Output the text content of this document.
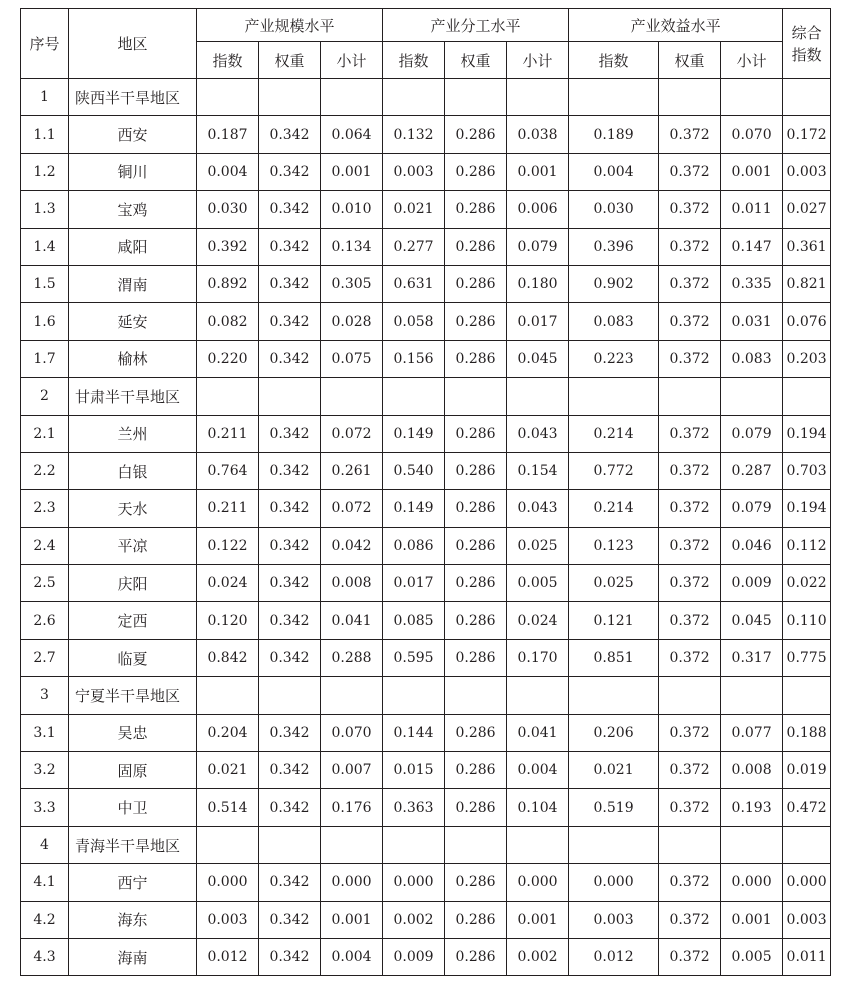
序号	地区	产业规模水平			产业分工水平			产业效益水平			综合
指数
		指数	权重	小计	指数	权重	小计	指数	权重	小计	
1	陕西半干旱地区										
1.1	西安	0.187	0.342	0.064	0.132	0.286	0.038	0.189	0.372	0.070	0.172
1.2	铜川	0.004	0.342	0.001	0.003	0.286	0.001	0.004	0.372	0.001	0.003
1.3	宝鸡	0.030	0.342	0.010	0.021	0.286	0.006	0.030	0.372	0.011	0.027
1.4	咸阳	0.392	0.342	0.134	0.277	0.286	0.079	0.396	0.372	0.147	0.361
1.5	渭南	0.892	0.342	0.305	0.631	0.286	0.180	0.902	0.372	0.335	0.821
1.6	延安	0.082	0.342	0.028	0.058	0.286	0.017	0.083	0.372	0.031	0.076
1.7	榆林	0.220	0.342	0.075	0.156	0.286	0.045	0.223	0.372	0.083	0.203
2	甘肃半干旱地区										
2.1	兰州	0.211	0.342	0.072	0.149	0.286	0.043	0.214	0.372	0.079	0.194
2.2	白银	0.764	0.342	0.261	0.540	0.286	0.154	0.772	0.372	0.287	0.703
2.3	天水	0.211	0.342	0.072	0.149	0.286	0.043	0.214	0.372	0.079	0.194
2.4	平凉	0.122	0.342	0.042	0.086	0.286	0.025	0.123	0.372	0.046	0.112
2.5	庆阳	0.024	0.342	0.008	0.017	0.286	0.005	0.025	0.372	0.009	0.022
2.6	定西	0.120	0.342	0.041	0.085	0.286	0.024	0.121	0.372	0.045	0.110
2.7	临夏	0.842	0.342	0.288	0.595	0.286	0.170	0.851	0.372	0.317	0.775
3	宁夏半干旱地区										
3.1	吴忠	0.204	0.342	0.070	0.144	0.286	0.041	0.206	0.372	0.077	0.188
3.2	固原	0.021	0.342	0.007	0.015	0.286	0.004	0.021	0.372	0.008	0.019
3.3	中卫	0.514	0.342	0.176	0.363	0.286	0.104	0.519	0.372	0.193	0.472
4	青海半干旱地区										
4.1	西宁	0.000	0.342	0.000	0.000	0.286	0.000	0.000	0.372	0.000	0.000
4.2	海东	0.003	0.342	0.001	0.002	0.286	0.001	0.003	0.372	0.001	0.003
4.3	海南	0.012	0.342	0.004	0.009	0.286	0.002	0.012	0.372	0.005	0.011
